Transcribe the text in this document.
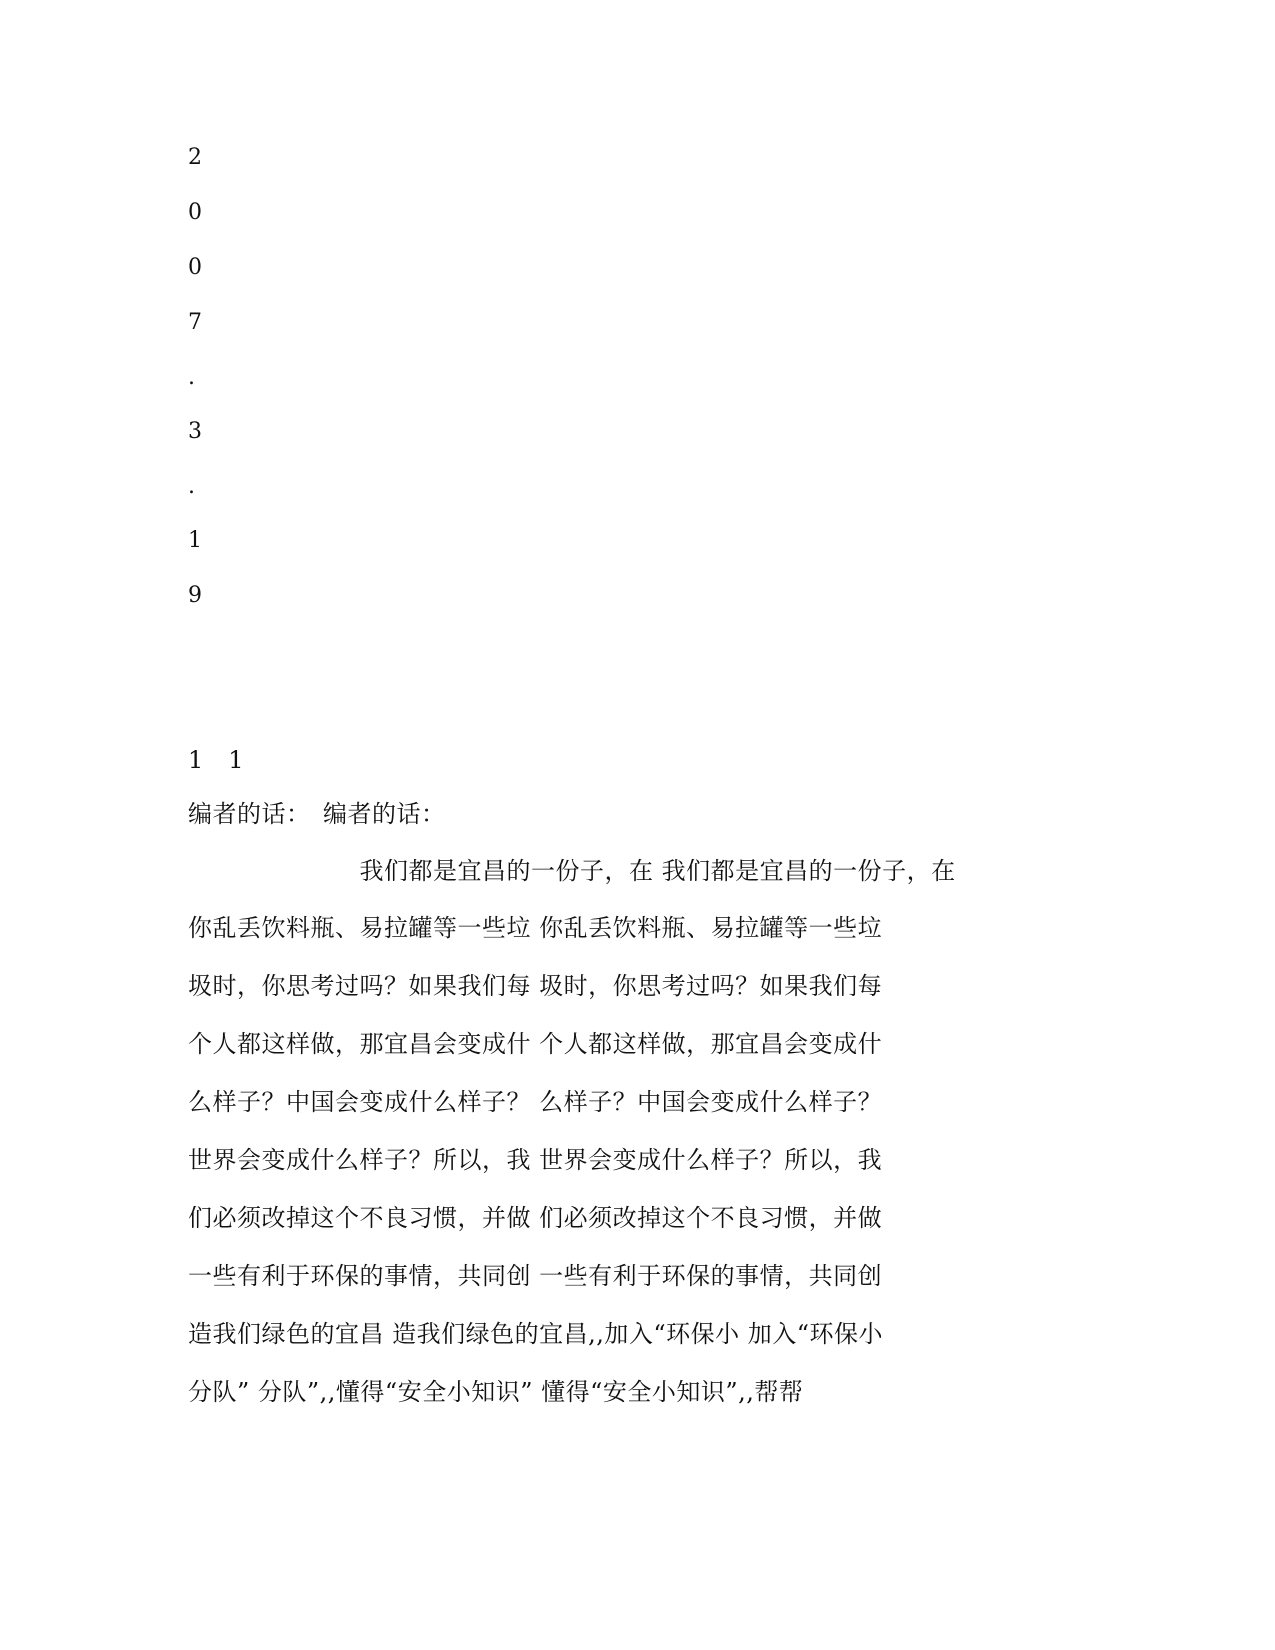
2
0
0
7
.
3
.
1
9
1　1
编者的话：　编者的话：
　　　　　　　我们都是宜昌的一份子，在 我们都是宜昌的一份子，在
你乱丢饮料瓶、易拉罐等一些垃 你乱丢饮料瓶、易拉罐等一些垃
圾时，你思考过吗？如果我们每 圾时，你思考过吗？如果我们每
个人都这样做，那宜昌会变成什 个人都这样做，那宜昌会变成什
么样子？中国会变成什么样子？ 么样子？中国会变成什么样子？
世界会变成什么样子？所以，我 世界会变成什么样子？所以，我
们必须改掉这个不良习惯，并做 们必须改掉这个不良习惯，并做
一些有利于环保的事情，共同创 一些有利于环保的事情，共同创
造我们绿色的宜昌 造我们绿色的宜昌,,加入“环保小 加入“环保小
分队” 分队”,,懂得“安全小知识” 懂得“安全小知识”,,帮帮
